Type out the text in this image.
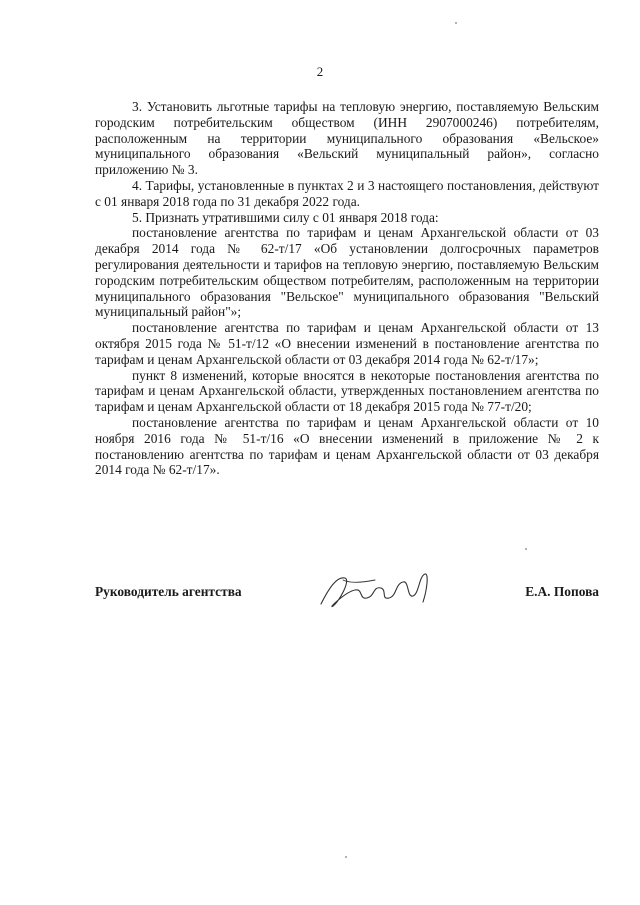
2

3. Установить льготные тарифы на тепловую энергию, поставляемую Вельским городским потребительским обществом (ИНН 2907000246) потребителям, расположенным на территории муниципального образования «Вельское» муниципального образования «Вельский муниципальный район», согласно приложению № 3.

4. Тарифы, установленные в пунктах 2 и 3 настоящего постановления, действуют с 01 января 2018 года по 31 декабря 2022 года.

5. Признать утратившими силу с 01 января 2018 года:

постановление агентства по тарифам и ценам Архангельской области от 03 декабря 2014 года № 62-т/17 «Об установлении долгосрочных параметров регулирования деятельности и тарифов на тепловую энергию, поставляемую Вельским городским потребительским обществом потребителям, расположенным на территории муниципального образования "Вельское" муниципального образования "Вельский муниципальный район"»;

постановление агентства по тарифам и ценам Архангельской области от 13 октября 2015 года № 51-т/12 «О внесении изменений в постановление агентства по тарифам и ценам Архангельской области от 03 декабря 2014 года № 62-т/17»;

пункт 8 изменений, которые вносятся в некоторые постановления агентства по тарифам и ценам Архангельской области, утвержденных постановлением агентства по тарифам и ценам Архангельской области от 18 декабря 2015 года № 77-т/20;

постановление агентства по тарифам и ценам Архангельской области от 10 ноября 2016 года № 51-т/16 «О внесении изменений в приложение № 2 к постановлению агентства по тарифам и ценам Архангельской области от 03 декабря 2014 года № 62-т/17».

Руководитель агентства	Е.А. Попова
